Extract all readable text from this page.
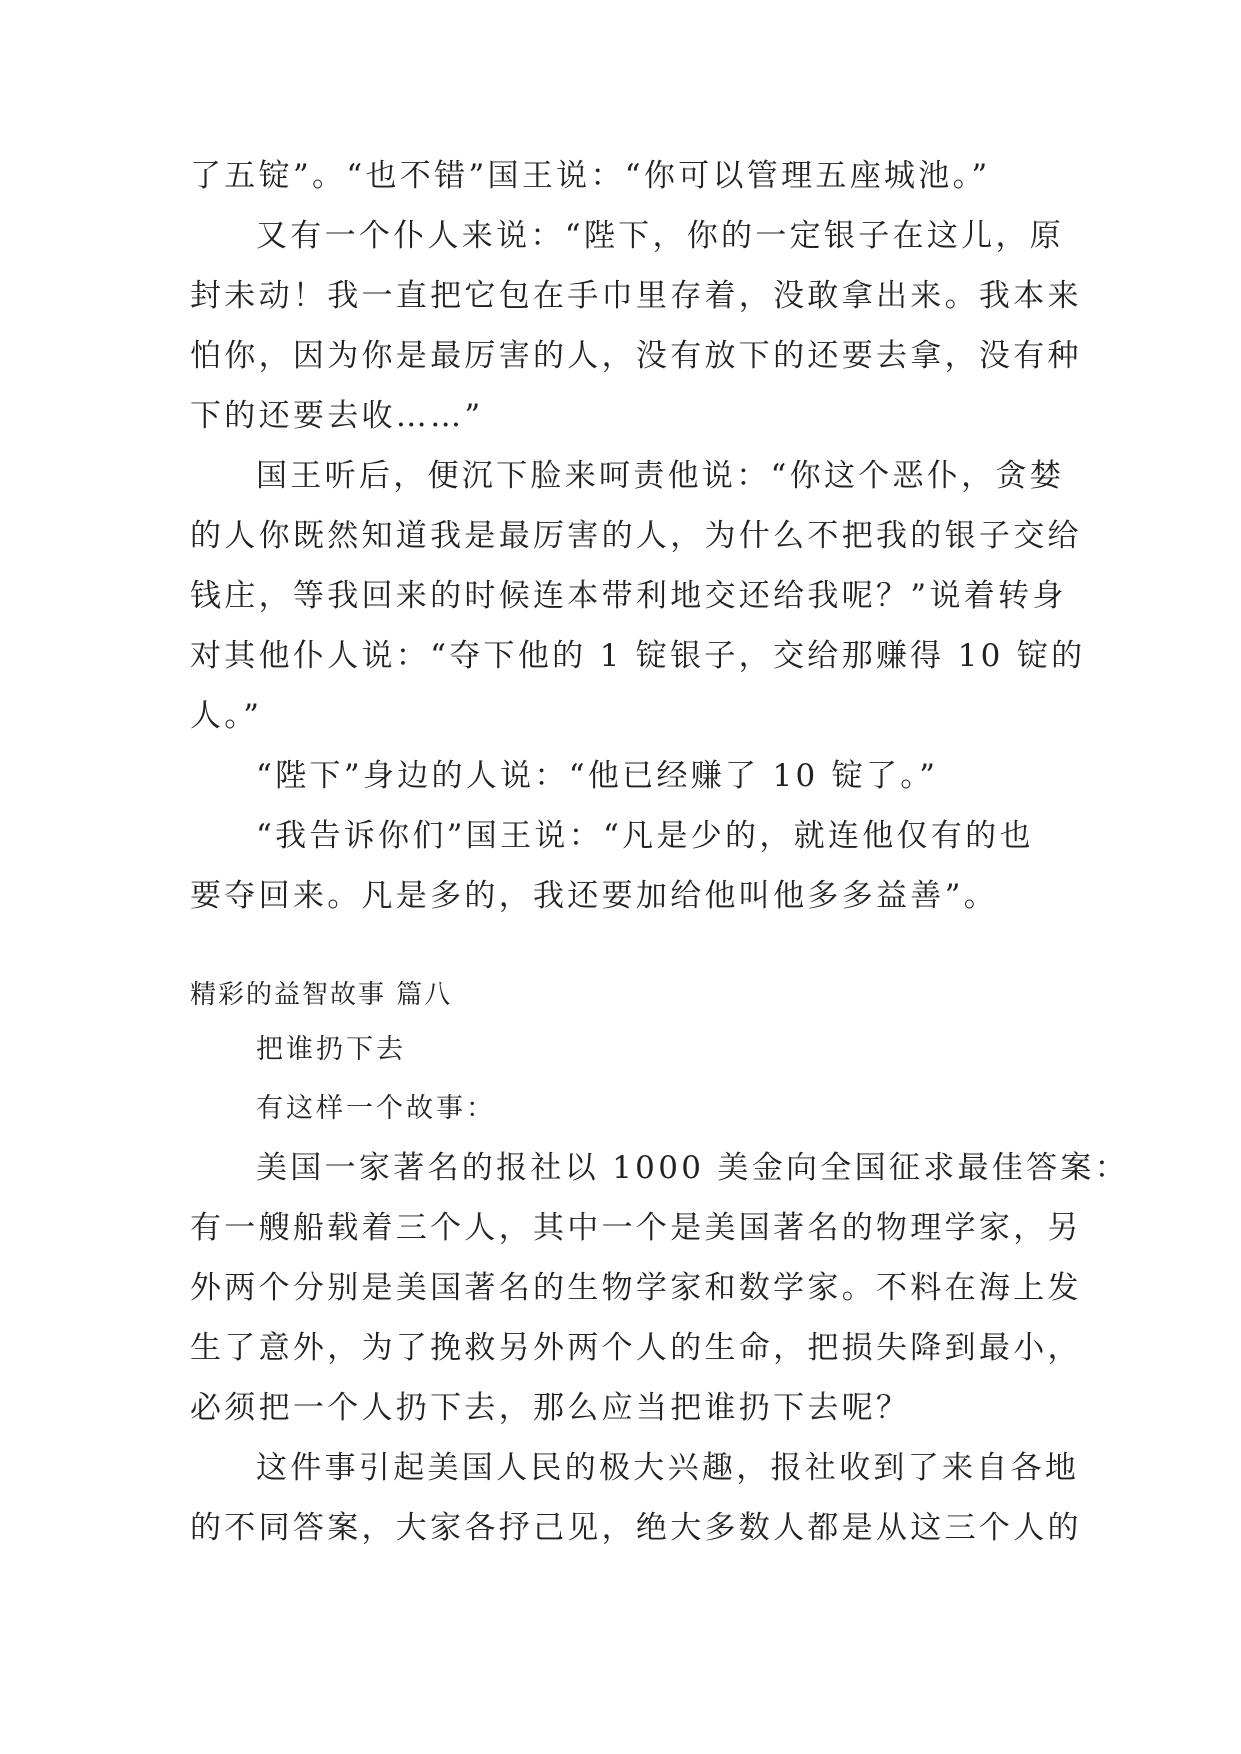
了五锭”。“也不错”国王说：“你可以管理五座城池。”

又有一个仆人来说：“陛下，你的一定银子在这儿，原
封未动！我一直把它包在手巾里存着，没敢拿出来。我本来
怕你，因为你是最厉害的人，没有放下的还要去拿，没有种
下的还要去收……”

国王听后，便沉下脸来呵责他说：“你这个恶仆，贪婪
的人你既然知道我是最厉害的人，为什么不把我的银子交给
钱庄，等我回来的时候连本带利地交还给我呢？”说着转身
对其他仆人说：“夺下他的 1 锭银子，交给那赚得 10 锭的
人。”

“陛下”身边的人说：“他已经赚了 10 锭了。”

“我告诉你们”国王说：“凡是少的，就连他仅有的也
要夺回来。凡是多的，我还要加给他叫他多多益善”。

精彩的益智故事 篇八

把谁扔下去

有这样一个故事：

美国一家著名的报社以 1000 美金向全国征求最佳答案：
有一艘船载着三个人，其中一个是美国著名的物理学家，另
外两个分别是美国著名的生物学家和数学家。不料在海上发
生了意外，为了挽救另外两个人的生命，把损失降到最小，
必须把一个人扔下去，那么应当把谁扔下去呢？

这件事引起美国人民的极大兴趣，报社收到了来自各地
的不同答案，大家各抒己见，绝大多数人都是从这三个人的
